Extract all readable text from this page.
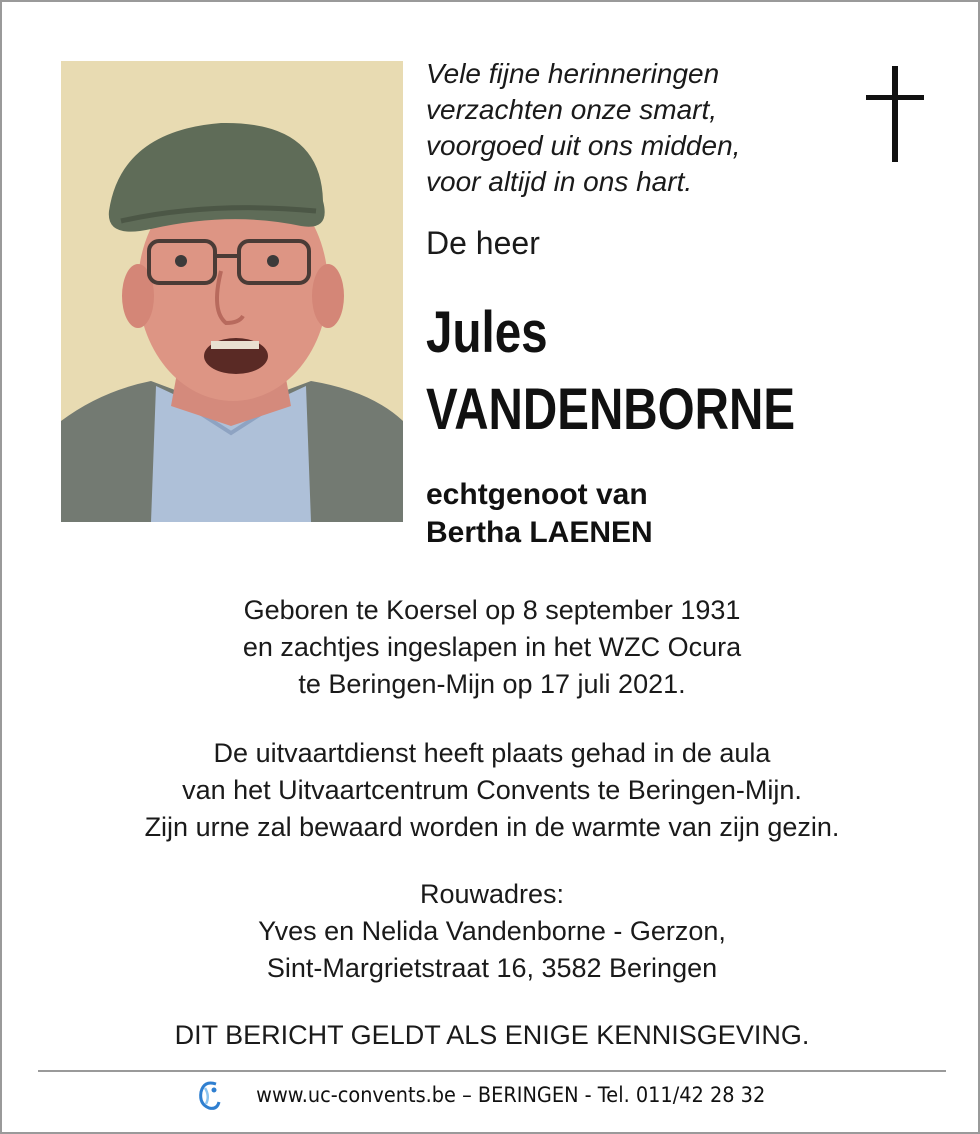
Vele fijne herinneringen
verzachten onze smart,
voorgoed uit ons midden,
voor altijd in ons hart.
De heer
Jules
VANDENBORNE
echtgenoot van
Bertha LAENEN
Geboren te Koersel op 8 september 1931
en zachtjes ingeslapen in het WZC Ocura
te Beringen-Mijn op 17 juli 2021.
De uitvaartdienst heeft plaats gehad in de aula
van het Uitvaartcentrum Convents te Beringen-Mijn.
Zijn urne zal bewaard worden in de warmte van zijn gezin.
Rouwadres:
Yves en Nelida Vandenborne - Gerzon,
Sint-Margrietstraat 16, 3582 Beringen
DIT BERICHT GELDT ALS ENIGE KENNISGEVING.
www.uc-convents.be – BERINGEN - Tel. 011/42 28 32
